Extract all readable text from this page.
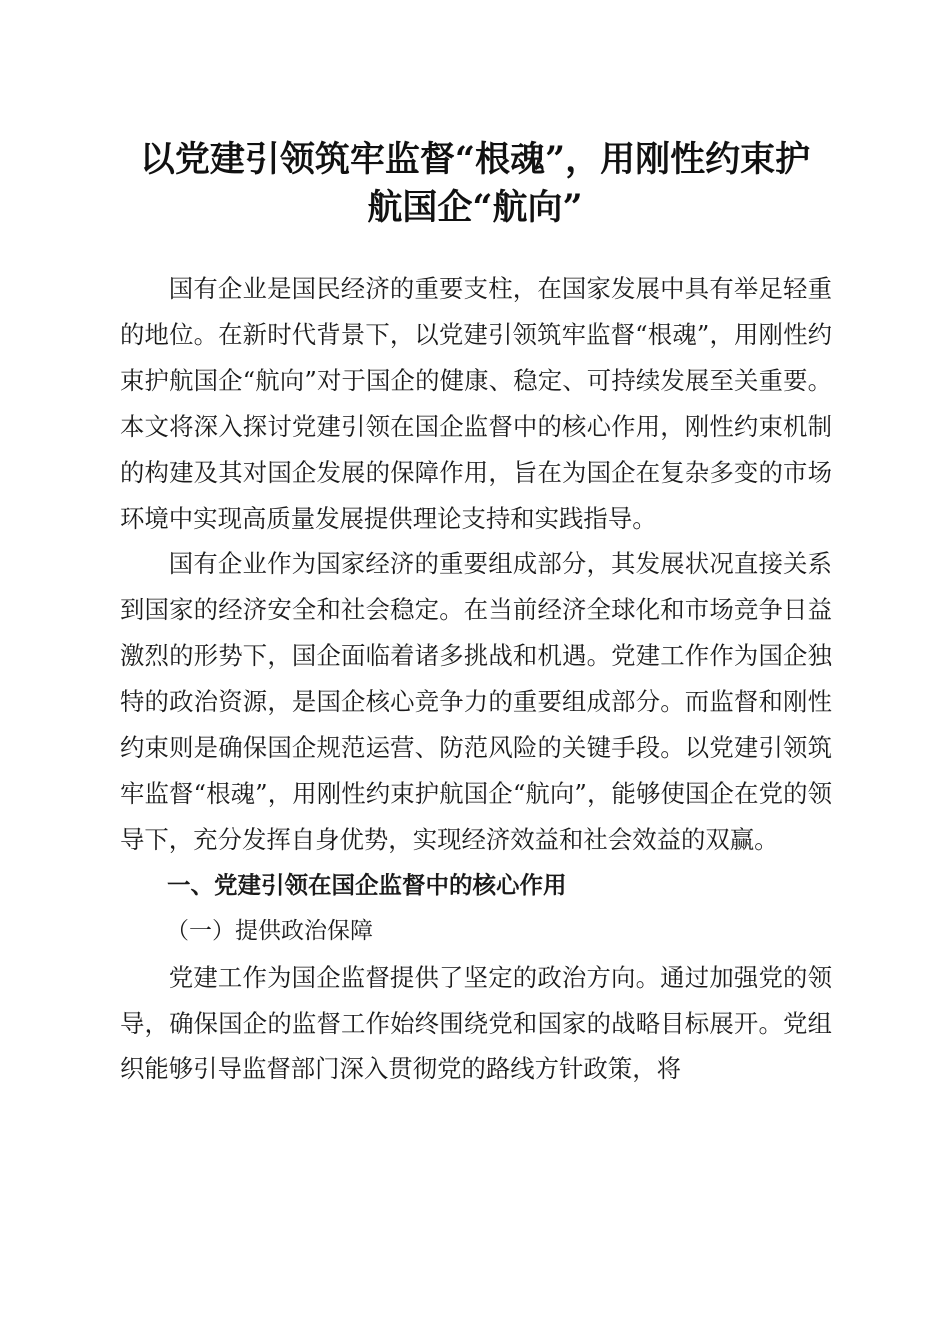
以党建引领筑牢监督“根魂”，用刚性约束护
航国企“航向”

国有企业是国民经济的重要支柱，在国家发展中具有举足轻重的地位。在新时代背景下，以党建引领筑牢监督“根魂”，用刚性约束护航国企“航向”对于国企的健康、稳定、可持续发展至关重要。本文将深入探讨党建引领在国企监督中的核心作用，刚性约束机制的构建及其对国企发展的保障作用，旨在为国企在复杂多变的市场环境中实现高质量发展提供理论支持和实践指导。

国有企业作为国家经济的重要组成部分，其发展状况直接关系到国家的经济安全和社会稳定。在当前经济全球化和市场竞争日益激烈的形势下，国企面临着诸多挑战和机遇。党建工作作为国企独特的政治资源，是国企核心竞争力的重要组成部分。而监督和刚性约束则是确保国企规范运营、防范风险的关键手段。以党建引领筑牢监督“根魂”，用刚性约束护航国企“航向”，能够使国企在党的领导下，充分发挥自身优势，实现经济效益和社会效益的双赢。

一、党建引领在国企监督中的核心作用

（一）提供政治保障

党建工作为国企监督提供了坚定的政治方向。通过加强党的领导，确保国企的监督工作始终围绕党和国家的战略目标展开。党组织能够引导监督部门深入贯彻党的路线方针政策，将
